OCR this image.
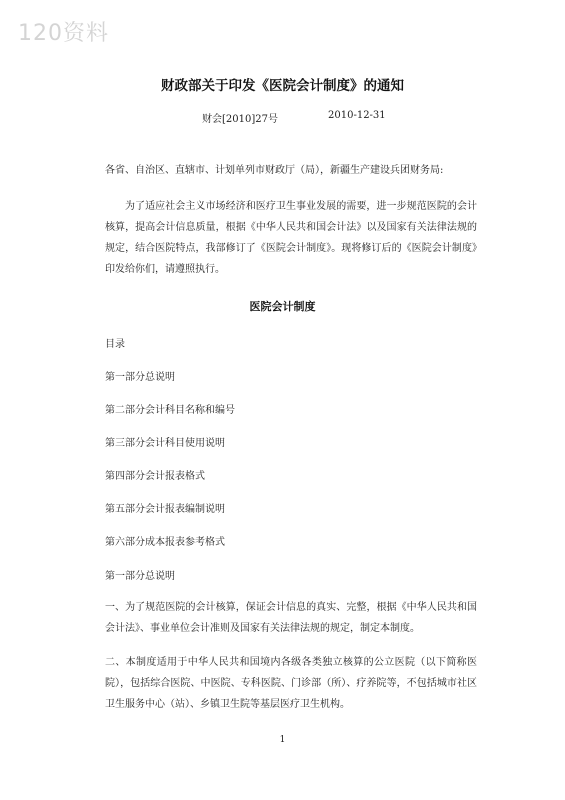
120资料
财政部关于印发《医院会计制度》的通知
财会[2010]27号	2010-12-31
各省、自治区、直辖市、计划单列市财政厅（局），新疆生产建设兵团财务局:
为了适应社会主义市场经济和医疗卫生事业发展的需要，进一步规范医院的会计核算，提高会计信息质量，根据《中华人民共和国会计法》以及国家有关法律法规的规定，结合医院特点，我部修订了《医院会计制度》。现将修订后的《医院会计制度》印发给你们，请遵照执行。
医院会计制度
目录
第一部分总说明
第二部分会计科目名称和编号
第三部分会计科目使用说明
第四部分会计报表格式
第五部分会计报表编制说明
第六部分成本报表参考格式
第一部分总说明
一、为了规范医院的会计核算，保证会计信息的真实、完整，根据《中华人民共和国会计法》、事业单位会计准则及国家有关法律法规的规定，制定本制度。
二、本制度适用于中华人民共和国境内各级各类独立核算的公立医院（以下简称医院），包括综合医院、中医院、专科医院、门诊部（所）、疗养院等，不包括城市社区卫生服务中心（站）、乡镇卫生院等基层医疗卫生机构。
1
